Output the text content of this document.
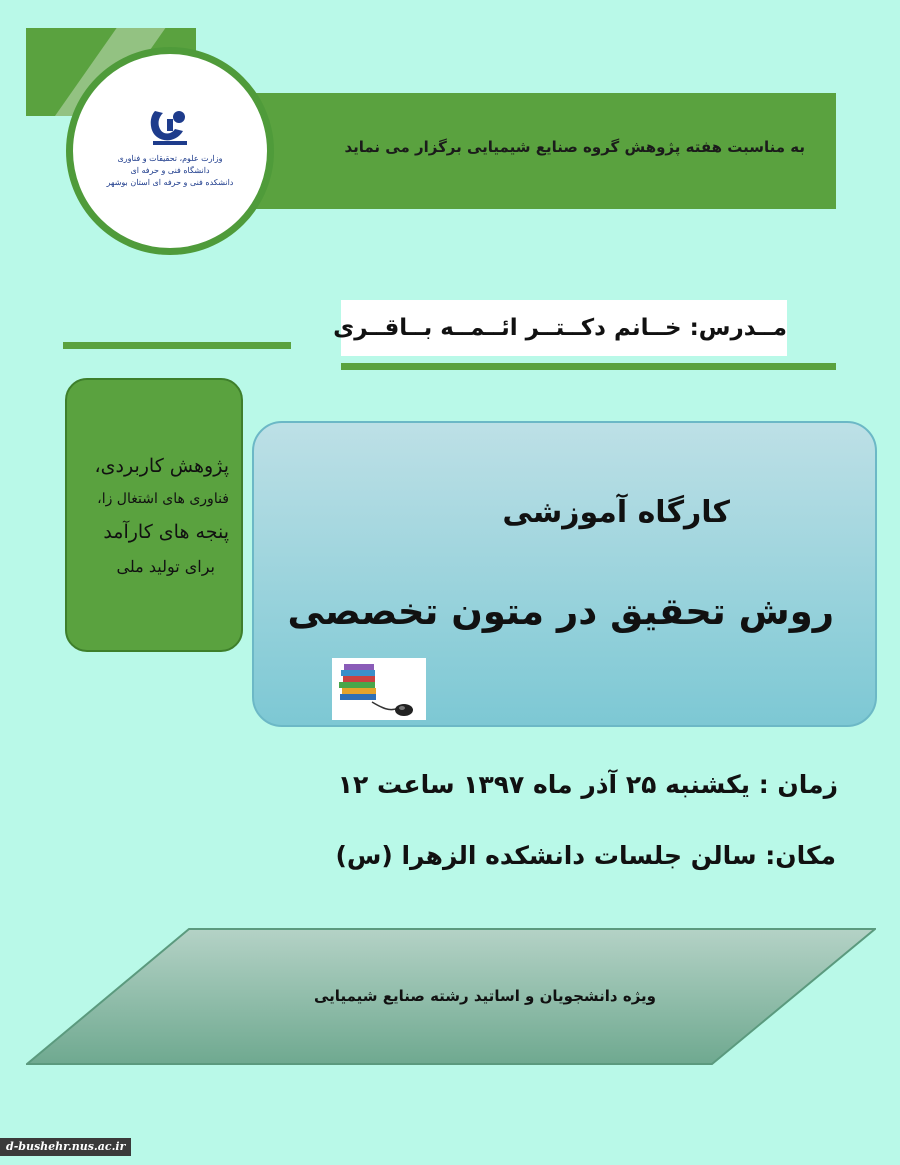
به مناسبت هفته پژوهش گروه صنایع شیمیایی برگزار می نماید
وزارت علوم، تحقیقات و فناوری
دانشگاه فنی و حرفه ای
دانشکده فنی و حرفه ای استان بوشهر
مــدرس: خــانم دکــتــر ائــمــه بــاقــری
پژوهش کاربردی،
فناوری های اشتغال زا،
پنجه های کارآمد
برای تولید ملی
کارگاه آموزشی
روش تحقیق در متون تخصصی
زمان : یکشنبه ۲۵ آذر ماه ۱۳۹۷ ساعت ۱۲
مکان: سالن جلسات دانشکده الزهرا (س)
ویژه دانشجویان و اساتید رشته صنایع شیمیایی
d-bushehr.nus.ac.ir
